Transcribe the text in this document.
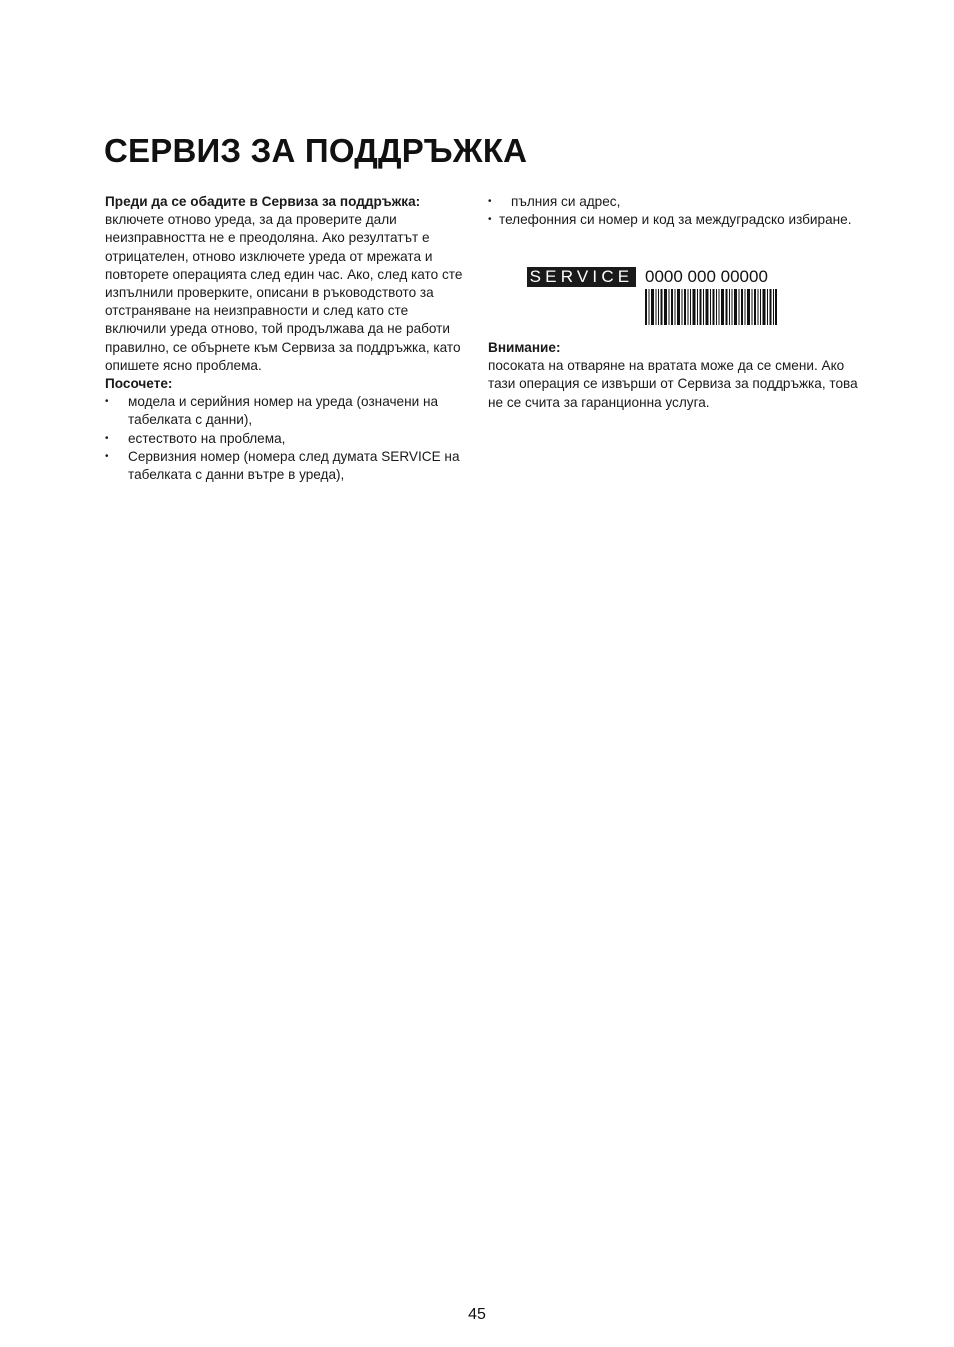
СЕРВИЗ ЗА ПОДДРЪЖКА

Преди да се обадите в Сервиза за поддръжка:

включете отново уреда, за да проверите дали неизправността не е преодоляна. Ако резултатът е отрицателен, отново изключете уреда от мрежата и повторете операцията след един час. Ако, след като сте изпълнили проверките, описани в ръководството за отстраняване на неизправности и след като сте включили уреда отново, той продължава да не работи правилно, се обърнете към Сервиза за поддръжка, като опишете ясно проблема.

Посочете:

• модела и серийния номер на уреда (означени на табелката с данни),
• естеството на проблема,
• Сервизния номер (номера след думата SERVICE на табелката с данни вътре в уреда),
• пълния си адрес,
• телефонния си номер и код за междуградско избиране.
SERVICE 0000 000 00000

Внимание:

посоката на отваряне на вратата може да се смени. Ако тази операция се извърши от Сервиза за поддръжка, това не се счита за гаранционна услуга.

45
